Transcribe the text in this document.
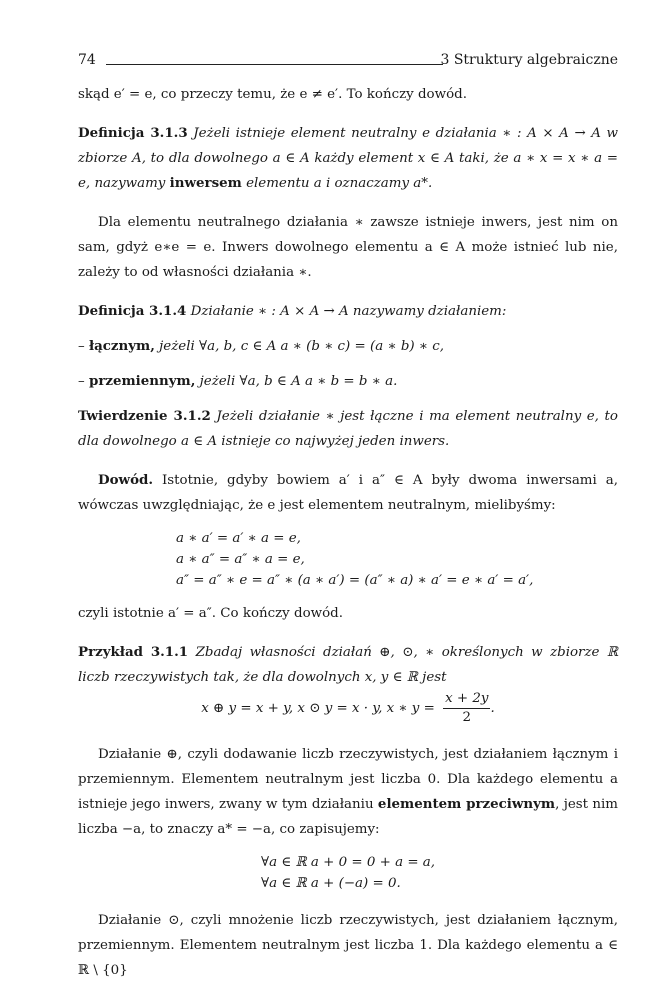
74	3 Struktury algebraiczne

skąd e′ = e, co przeczy temu, że e ≠ e′. To kończy dowód.

Definicja 3.1.3 Jeżeli istnieje element neutralny e działania ∗ : A × A → A w zbiorze A, to dla dowolnego a ∈ A każdy element x ∈ A taki, że a ∗ x = x ∗ a = e, nazywamy inwersem elementu a i oznaczamy a*.

Dla elementu neutralnego działania ∗ zawsze istnieje inwers, jest nim on sam, gdyż e∗e = e. Inwers dowolnego elementu a ∈ A może istnieć lub nie, zależy to od własności działania ∗.

Definicja 3.1.4 Działanie ∗ : A × A → A nazywamy działaniem:

– łącznym, jeżeli ∀a, b, c ∈ A a ∗ (b ∗ c) = (a ∗ b) ∗ c,
– przemiennym, jeżeli ∀a, b ∈ A a ∗ b = b ∗ a.

Twierdzenie 3.1.2 Jeżeli działanie ∗ jest łączne i ma element neutralny e, to dla dowolnego a ∈ A istnieje co najwyżej jeden inwers.

Dowód. Istotnie, gdyby bowiem a′ i a″ ∈ A były dwoma inwersami a, wówczas uwzględniając, że e jest elementem neutralnym, mielibyśmy:

a ∗ a′ = a′ ∗ a = e,
a ∗ a″ = a″ ∗ a = e,
a″ = a″ ∗ e = a″ ∗ (a ∗ a′) = (a″ ∗ a) ∗ a′ = e ∗ a′ = a′,

czyli istotnie a′ = a″. Co kończy dowód.

Przykład 3.1.1 Zbadaj własności działań ⊕, ⊙, ∗ określonych w zbiorze ℝ liczb rzeczywistych tak, że dla dowolnych x, y ∈ ℝ jest

x ⊕ y = x + y, x ⊙ y = x · y, x ∗ $y = \frac{x + 2y}{2}$ .

Działanie ⊕, czyli dodawanie liczb rzeczywistych, jest działaniem łącznym i przemiennym. Elementem neutralnym jest liczba 0. Dla każdego elementu a istnieje jego inwers, zwany w tym działaniu elementem przeciwnym, jest nim liczba −a, to znaczy a* = −a, co zapisujemy:

∀a ∈ ℝ a + 0 = 0 + a = a,
∀a ∈ ℝ a + (−a) = 0.

Działanie ⊙, czyli mnożenie liczb rzeczywistych, jest działaniem łącznym, przemiennym. Elementem neutralnym jest liczba 1. Dla każdego elementu a ∈ ℝ \ {0}
